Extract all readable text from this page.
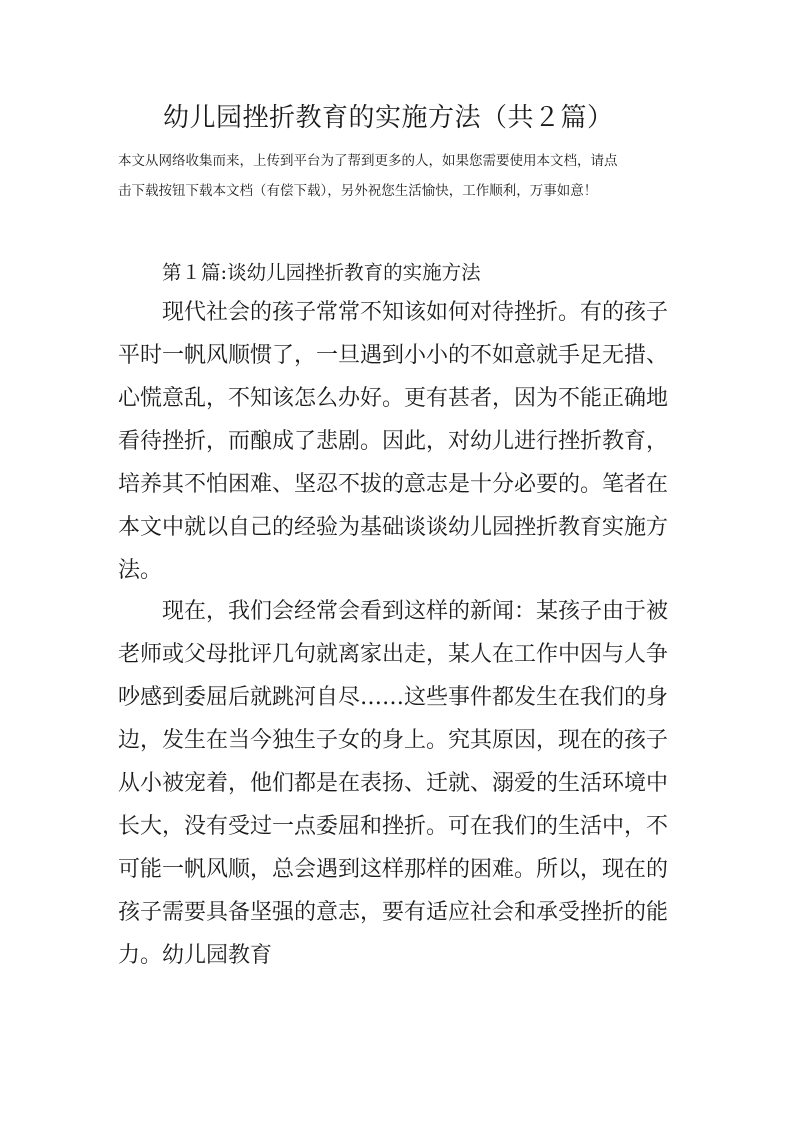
幼儿园挫折教育的实施方法（共２篇）
本文从网络收集而来，上传到平台为了帮到更多的人，如果您需要使用本文档，请点
击下载按钮下载本文档（有偿下载），另外祝您生活愉快，工作顺利，万事如意！
第１篇:谈幼儿园挫折教育的实施方法
现代社会的孩子常常不知该如何对待挫折。有的孩子
平时一帆风顺惯了，一旦遇到小小的不如意就手足无措、
心慌意乱，不知该怎么办好。更有甚者，因为不能正确地
看待挫折，而酿成了悲剧。因此，对幼儿进行挫折教育，
培养其不怕困难、坚忍不拔的意志是十分必要的。笔者在
本文中就以自己的经验为基础谈谈幼儿园挫折教育实施方
法。
现在，我们会经常会看到这样的新闻：某孩子由于被
老师或父母批评几句就离家出走，某人在工作中因与人争
吵感到委屈后就跳河自尽……这些事件都发生在我们的身
边，发生在当今独生子女的身上。究其原因，现在的孩子
从小被宠着，他们都是在表扬、迁就、溺爱的生活环境中
长大，没有受过一点委屈和挫折。可在我们的生活中，不
可能一帆风顺，总会遇到这样那样的困难。所以，现在的
孩子需要具备坚强的意志，要有适应社会和承受挫折的能
力。幼儿园教育
